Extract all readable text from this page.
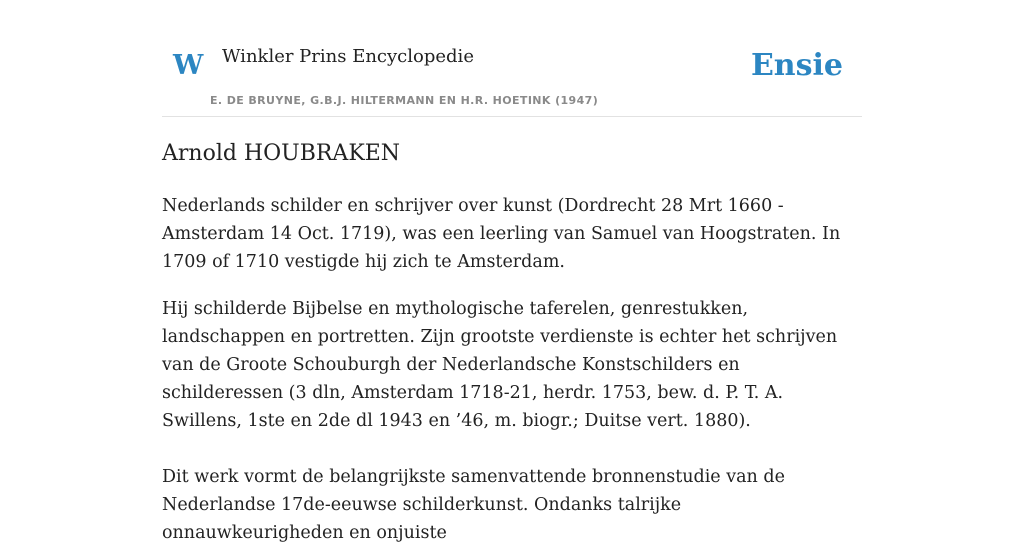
W Winkler Prins Encyclopedie
E. DE BRUYNE, G.B.J. HILTERMANN EN H.R. HOETINK (1947)
Ensie
Arnold HOUBRAKEN

Nederlands schilder en schrijver over kunst (Dordrecht 28 Mrt 1660 - Amsterdam 14 Oct. 1719), was een leerling van Samuel van Hoogstraten. In 1709 of 1710 vestigde hij zich te Amsterdam.

Hij schilderde Bijbelse en mythologische taferelen, genrestukken, landschappen en portretten. Zijn grootste verdienste is echter het schrijven van de Groote Schouburgh der Nederlandsche Konstschilders en schilderessen (3 dln, Amsterdam 1718-21, herdr. 1753, bew. d. P. T. A. Swillens, 1ste en 2de dl 1943 en ’46, m. biogr.; Duitse vert. 1880).

Dit werk vormt de belangrijkste samenvattende bronnenstudie van de Nederlandse 17de-eeuwse schilderkunst. Ondanks talrijke onnauwkeurigheden en onjuiste
